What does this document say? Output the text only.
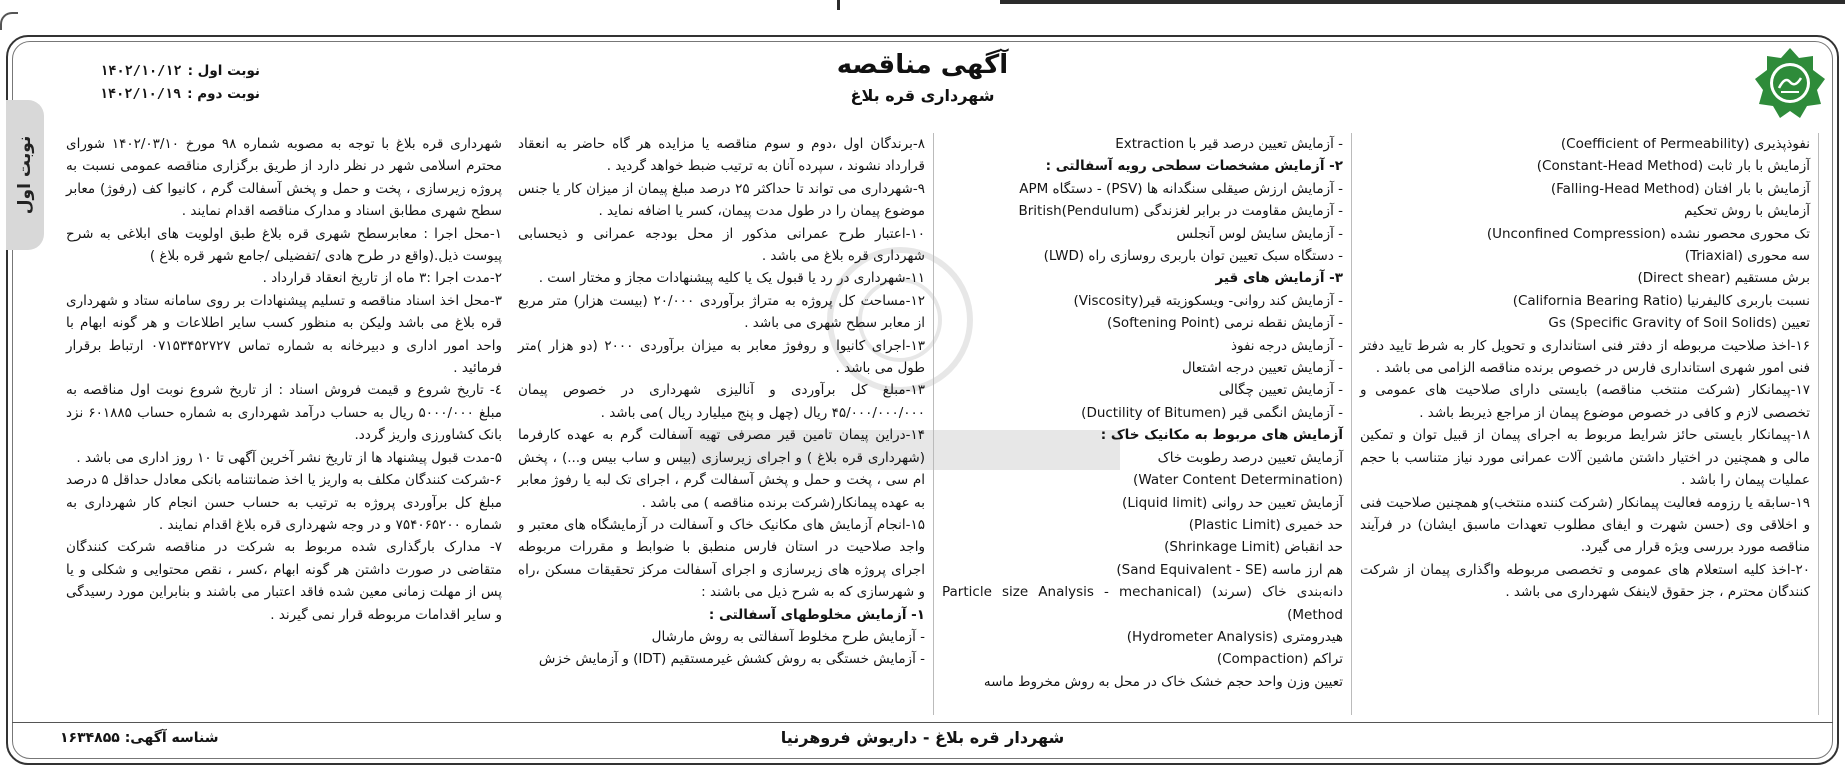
نوبت اول
آگهی مناقصه
شهرداری قره بلاغ
نوبت اول :
۱۴۰۲/۱۰/۱۲
نوبت دوم :
۱۴۰۲/۱۰/۱۹

نفوذپذیری (Coefficient of Permeability)

آزمایش با بار ثابت (Constant-Head Method)

آزمایش با بار افتان (Falling-Head Method)

آزمایش با روش تحکیم

تک محوری محصور نشده (Unconfined Compression)

سه محوری (Triaxial)

برش مستقیم (Direct shear)

نسبت باربری کالیفرنیا (California Bearing Ratio)

تعیین Gs (Specific Gravity of Soil Solids)

۱۶-اخذ صلاحیت مربوطه از دفتر فنی استانداری و تحویل کار به شرط تایید دفتر فنی امور شهری استانداری فارس در خصوص برنده مناقصه الزامی می باشد .

۱۷-پیمانکار (شرکت منتخب مناقصه) بایستی دارای صلاحیت های عمومی و تخصصی لازم و کافی در خصوص موضوع پیمان از مراجع ذیربط باشد .

۱۸-پیمانکار بایستی حائز شرایط مربوط به اجرای پیمان از قبیل توان و تمکین مالی و همچنین در اختیار داشتن ماشین آلات عمرانی مورد نیاز متناسب با حجم عملیات پیمان را باشد .

۱۹-سابقه یا رزومه فعالیت پیمانکار (شرکت کننده منتخب)و همچنین صلاحیت فنی و اخلاقی وی (حسن شهرت و ایفای مطلوب تعهدات ماسبق ایشان) در فرآیند مناقصه مورد بررسی ویژه قرار می گیرد.

۲۰-اخذ کلیه استعلام های عمومی و تخصصی مربوطه واگذاری پیمان از شرکت کنندگان محترم ، جز حقوق لاینفک شهرداری می باشد .

- آزمایش تعیین درصد قیر با Extraction

۲- آزمایش مشخصات سطحی رویه آسفالتی :

- آزمایش ارزش صیقلی سنگدانه ها (PSV) - دستگاه APM

- آزمایش مقاومت در برابر لغزندگی British(Pendulum)

- آزمایش سایش لوس آنجلس

- دستگاه سبک تعیین توان باربری روسازی راه (LWD)

۳- آزمایش های قیر

- آزمایش کند روانی- ویسکوزیته قیر(Viscosity)

- آزمایش نقطه نرمی (Softening Point)

- آزمایش درجه نفوذ

- آزمایش تعیین درجه اشتعال

- آزمایش تعیین چگالی

- آزمایش انگمی قیر (Ductility of Bitumen)

آزمایش های مربوط به مکانیک خاک :

آزمایش تعیین درصد رطوبت خاک

(Water Content Determination)

آزمایش تعیین حد روانی (Liquid limit)

حد خمیری (Plastic Limit)

حد انقباض (Shrinkage Limit)

هم ارز ماسه (Sand Equivalent - SE)

دانه‌بندی خاک (سرند) (Particle size Analysis - mechanical Method)

هیدرومتری (Hydrometer Analysis)

تراکم (Compaction)

تعیین وزن واحد حجم خشک خاک در محل به روش مخروط ماسه

۸-برندگان اول ،دوم و سوم مناقصه یا مزایده هر گاه حاضر به انعقاد قرارداد نشوند ، سپرده آنان به ترتیب ضبط خواهد گردید .

۹-شهرداری می تواند تا حداکثر ۲۵ درصد مبلغ پیمان از میزان کار یا جنس موضوع پیمان را در طول مدت پیمان، کسر یا اضافه نماید .

۱۰-اعتبار طرح عمرانی مذکور از محل بودجه عمرانی و ذیحسابی شهرداری قره بلاغ می باشد .

۱۱-شهرداری در رد یا قبول یک یا کلیه پیشنهادات مجاز و مختار است .

۱۲-مساحت کل پروژه به متراژ برآوردی ۲۰/۰۰۰ (بیست هزار) متر مربع از معابر سطح شهری می باشد .

۱۳-اجرای کانیوا و روفوژ معابر به میزان برآوردی ۲۰۰۰ (دو هزار )متر طول می باشد .

۱۳-مبلغ کل برآوردی و آنالیزی شهرداری در خصوص پیمان ۴۵/۰۰۰/۰۰۰/۰۰۰ ریال (چهل و پنج میلیارد ریال )می باشد .

۱۴-دراین پیمان تامین قیر مصرفی تهیه آسفالت گرم به عهده کارفرما (شهرداری قره بلاغ ) و اجرای زیرسازی (بیس و ساب بیس و...) ، پخش ام سی ، پخت و حمل و پخش آسفالت گرم ، اجرای تک لبه یا رفوژ معابر به عهده پیمانکار(شرکت برنده مناقصه ) می باشد .

۱۵-انجام آزمایش های مکانیک خاک و آسفالت در آزمایشگاه های معتبر و واجد صلاحیت در استان فارس منطبق با ضوابط و مقررات مربوطه اجرای پروژه های زیرسازی و اجرای آسفالت مرکز تحقیقات مسکن ،راه و شهرسازی که به شرح ذیل می باشند :

۱- آزمایش مخلوطهای آسفالتی :

- آزمایش طرح مخلوط آسفالتی به روش مارشال

- آزمایش خستگی به روش کشش غیرمستقیم (IDT) و آزمایش خزش

شهرداری قره بلاغ با توجه به مصوبه شماره ۹۸ مورخ ۱۴۰۲/۰۳/۱۰ شورای محترم اسلامی شهر در نظر دارد از طریق برگزاری مناقصه عمومی نسبت به پروژه زیرسازی ، پخت و حمل و پخش آسفالت گرم ، کانیوا کف (رفوژ) معابر سطح شهری مطابق اسناد و مدارک مناقصه اقدام نمایند .

۱-محل اجرا : معابرسطح شهری قره بلاغ طبق اولویت های ابلاغی به شرح پیوست ذیل.(واقع در طرح هادی /تفضیلی /جامع شهر قره بلاغ )

۲-مدت اجرا :۳ ماه از تاریخ انعقاد قرارداد .

۳-محل اخذ اسناد مناقصه و تسلیم پیشنهادات بر روی سامانه ستاد و شهرداری قره بلاغ می باشد ولیکن به منظور کسب سایر اطلاعات و هر گونه ابهام با واحد امور اداری و دبیرخانه به شماره تماس ۰۷۱۵۳۴۵۲۷۲۷ ارتباط برقرار فرمائید .

٤- تاریخ شروع و قیمت فروش اسناد : از تاریخ شروع نوبت اول مناقصه به مبلغ ۵۰۰۰/۰۰۰ ریال به حساب درآمد شهرداری به شماره حساب ۶۰۱۸۸۵ نزد بانک کشاورزی واریز گردد.

۵-مدت قبول پیشنهاد ها از تاریخ نشر آخرین آگهی تا ۱۰ روز اداری می باشد .

۶-شرکت کنندگان مکلف به واریز یا اخذ ضمانتنامه بانکی معادل حداقل ۵ درصد مبلغ کل برآوردی پروژه به ترتیب به حساب حسن انجام کار شهرداری به شماره ۷۵۴۰۶۵۲۰۰ و در وجه شهرداری قره بلاغ اقدام نمایند .

۷- مدارک بارگذاری شده مربوط به شرکت در مناقصه شرکت کنندگان متقاضی در صورت داشتن هر گونه ابهام ،کسر ، نقص محتوایی و شکلی و یا پس از مهلت زمانی معین شده فاقد اعتبار می باشند و بنابراین مورد رسیدگی و سایر اقدامات مربوطه قرار نمی گیرند .

شهردار قره بلاغ - داریوش فروهرنیا
شناسه آگهی: ۱۶۳۴۸۵۵
